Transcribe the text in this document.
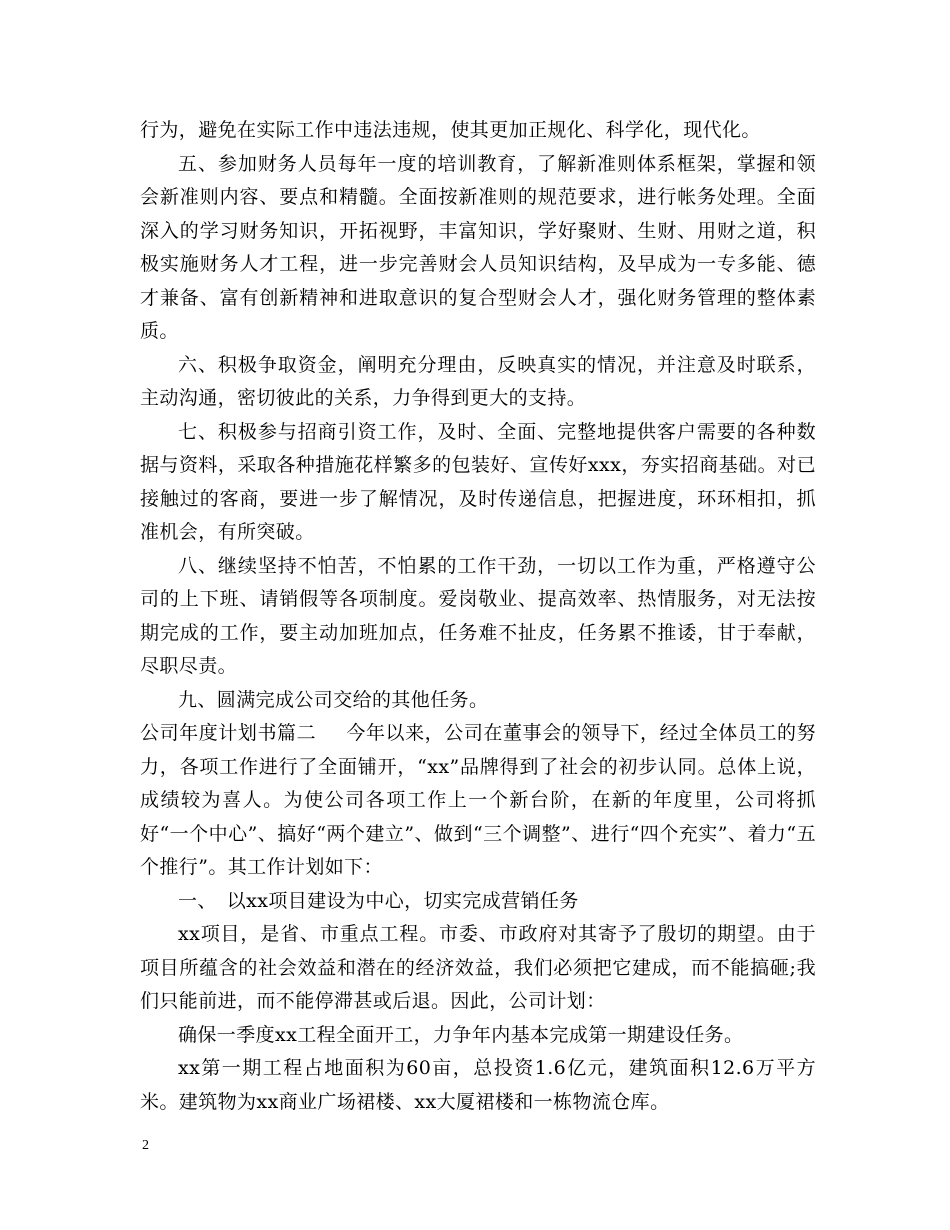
行为，避免在实际工作中违法违规，使其更加正规化、科学化，现代化。

五、参加财务人员每年一度的培训教育，了解新准则体系框架，掌握和领会新准则内容、要点和精髓。全面按新准则的规范要求，进行帐务处理。全面深入的学习财务知识，开拓视野，丰富知识，学好聚财、生财、用财之道，积极实施财务人才工程，进一步完善财会人员知识结构，及早成为一专多能、德才兼备、富有创新精神和进取意识的复合型财会人才，强化财务管理的整体素质。

六、积极争取资金，阐明充分理由，反映真实的情况，并注意及时联系，主动沟通，密切彼此的关系，力争得到更大的支持。

七、积极参与招商引资工作，及时、全面、完整地提供客户需要的各种数据与资料，采取各种措施花样繁多的包装好、宣传好xxx，夯实招商基础。对已接触过的客商，要进一步了解情况，及时传递信息，把握进度，环环相扣，抓准机会，有所突破。

八、继续坚持不怕苦，不怕累的工作干劲，一切以工作为重，严格遵守公司的上下班、请销假等各项制度。爱岗敬业、提高效率、热情服务，对无法按期完成的工作，要主动加班加点，任务难不扯皮，任务累不推诿，甘于奉献，尽职尽责。

九、圆满完成公司交给的其他任务。

公司年度计划书篇二 今年以来，公司在董事会的领导下，经过全体员工的努力，各项工作进行了全面铺开，“xx”品牌得到了社会的初步认同。总体上说，成绩较为喜人。为使公司各项工作上一个新台阶，在新的年度里，公司将抓好“一个中心”、搞好“两个建立”、做到“三个调整”、进行“四个充实”、着力“五个推行”。其工作计划如下：

一、　以xx项目建设为中心，切实完成营销任务

xx项目，是省、市重点工程。市委、市政府对其寄予了殷切的期望。由于项目所蕴含的社会效益和潜在的经济效益，我们必须把它建成，而不能搞砸;我们只能前进，而不能停滞甚或后退。因此，公司计划：

确保一季度xx工程全面开工，力争年内基本完成第一期建设任务。

xx第一期工程占地面积为60亩，总投资1.6亿元，建筑面积12.6万平方米。建筑物为xx商业广场裙楼、xx大厦裙楼和一栋物流仓库。

2
